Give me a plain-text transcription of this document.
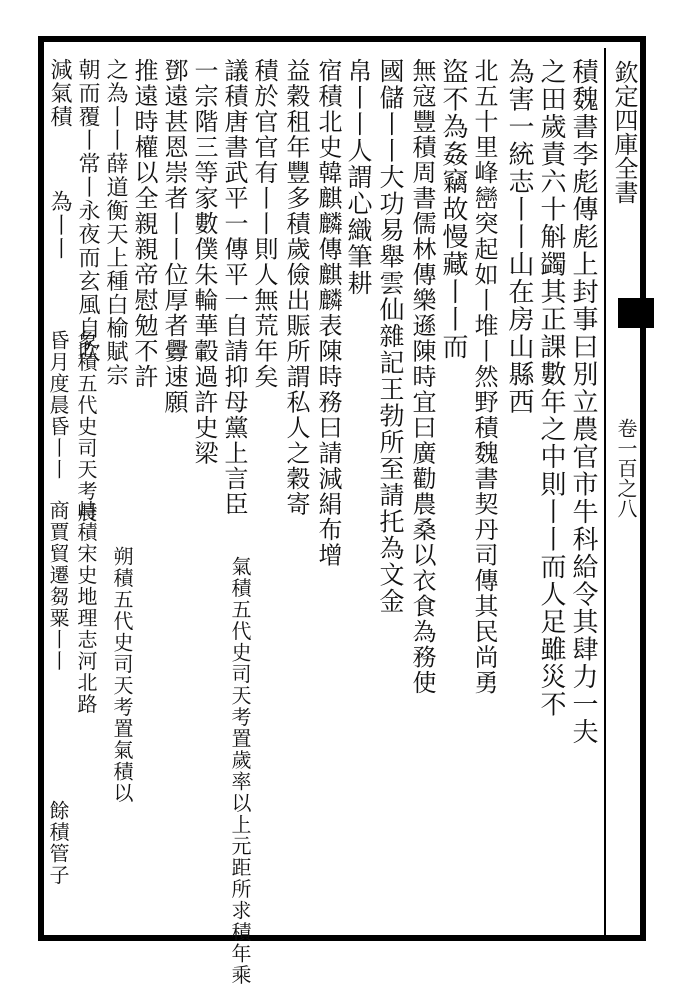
欽定四庫全書
卷一百之八
積魏書李彪傳彪上封事曰別立農官市牛科給令其肆力一夫
之田歲責六十斛蠲其正課數年之中則丨丨而人足雖災不
為害一統志丨丨山在房山縣西
北五十里峰巒突起如丨堆丨然野積魏書契丹司傳其民尚勇
盜不為姦竊故慢藏丨丨而
無寇豐積周書儒林傳樂遜陳時宜曰廣勸農桑以衣食為務使
國儲丨丨大功易舉雲仙雜記王勃所至請托為文金
帛丨丨人謂心織筆耕
宿積北史韓麒麟傳麒麟表陳時務曰請減絹布增
益穀租年豐多積歲儉出賑所謂私人之穀寄
積於官官有丨丨則人無荒年矣
議積唐書武平一傳平一自請抑母黨上言臣
一宗階三等家數僕朱輪華轂過許史梁
鄧遠甚恩崇者丨丨位厚者釁速願
推遠時權以全親親帝慰勉不許
氣積五代史司天考置歲率以上元距所求積年乘
之為丨丨薛道衡天上種白榆賦宗
朝而覆丨常丨永夜而玄風自吹
朔積五代史司天考置氣積以
減氣積
為丨丨
象積五代史司天考晨
昏月度晨昏丨丨
峙積宋史地理志河北路
商賈貿遷芻粟丨丨
餘積管子
